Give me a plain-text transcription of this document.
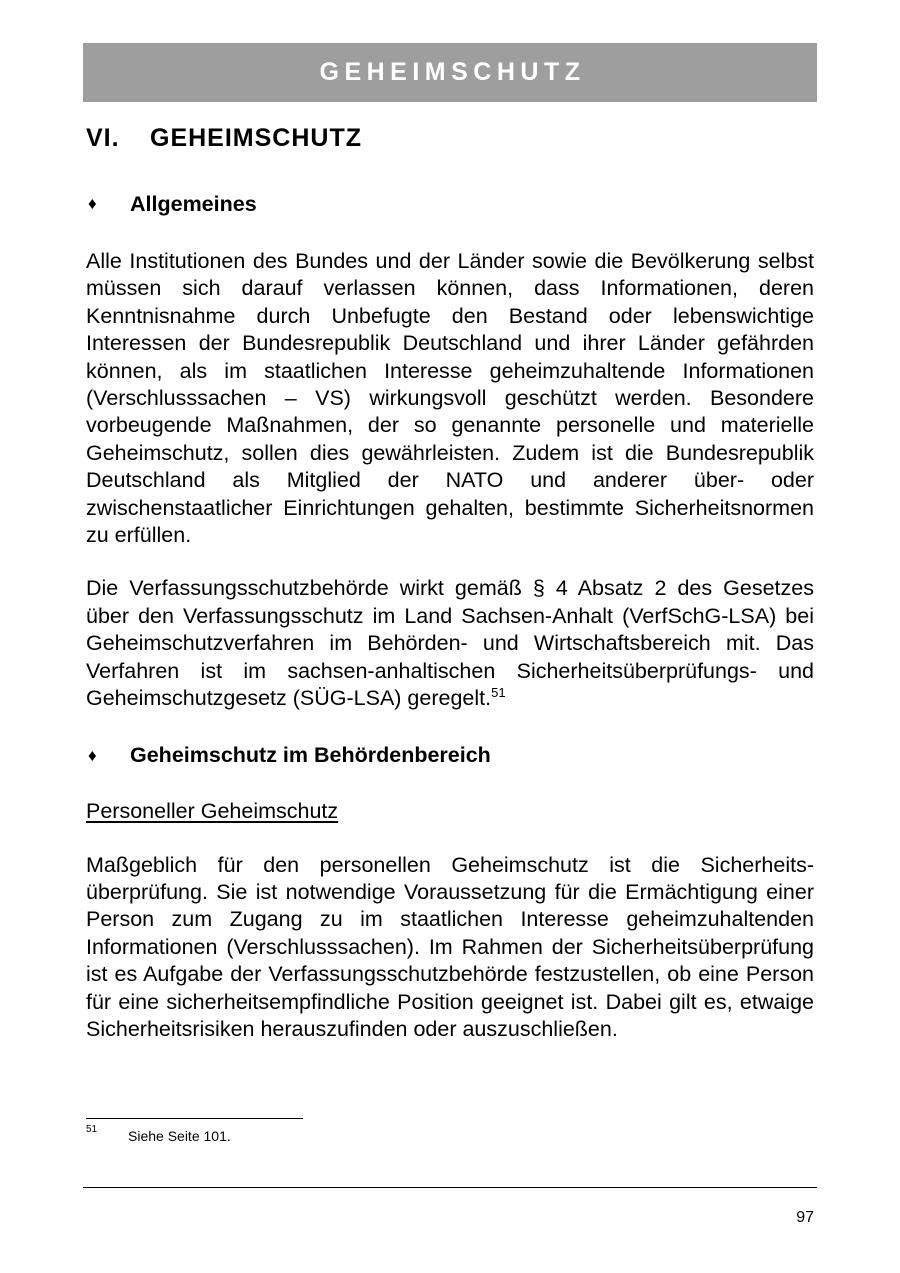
GEHEIMSCHUTZ
VI.	GEHEIMSCHUTZ
♦	Allgemeines

Alle Institutionen des Bundes und der Länder sowie die Bevölkerung selbst müssen sich darauf verlassen können, dass Informationen, deren Kenntnisnahme durch Unbefugte den Bestand oder lebenswichtige Interessen der Bundesrepublik Deutschland und ihrer Länder gefährden können, als im staatlichen Interesse geheimzuhaltende Informationen (Verschlusssachen – VS) wirkungsvoll geschützt werden. Besondere vorbeugende Maßnahmen, der so genannte personelle und materielle Geheimschutz, sollen dies gewährleisten. Zudem ist die Bundesrepublik Deutschland als Mitglied der NATO und anderer über- oder zwischenstaatlicher Einrichtungen gehalten, bestimmte Sicherheitsnormen zu erfüllen.

Die Verfassungsschutzbehörde wirkt gemäß § 4 Absatz 2 des Gesetzes über den Verfassungsschutz im Land Sachsen-Anhalt (VerfSchG-LSA) bei Geheimschutzverfahren im Behörden- und Wirtschaftsbereich mit. Das Verfahren ist im sachsen-anhaltischen Sicherheitsüberprüfungs- und Geheimschutzgesetz (SÜG-LSA) geregelt.$^{51}$

♦	Geheimschutz im Behördenbereich
Personeller Geheimschutz

Maßgeblich für den personellen Geheimschutz ist die Sicherheitsüberprüfung. Sie ist notwendige Voraussetzung für die Ermächtigung einer Person zum Zugang zu im staatlichen Interesse geheimzuhaltenden Informationen (Verschlusssachen). Im Rahmen der Sicherheitsüberprüfung ist es Aufgabe der Verfassungsschutzbehörde festzustellen, ob eine Person für eine sicherheitsempfindliche Position geeignet ist. Dabei gilt es, etwaige Sicherheitsrisiken herauszufinden oder auszuschließen.

51	Siehe Seite 101.
97
